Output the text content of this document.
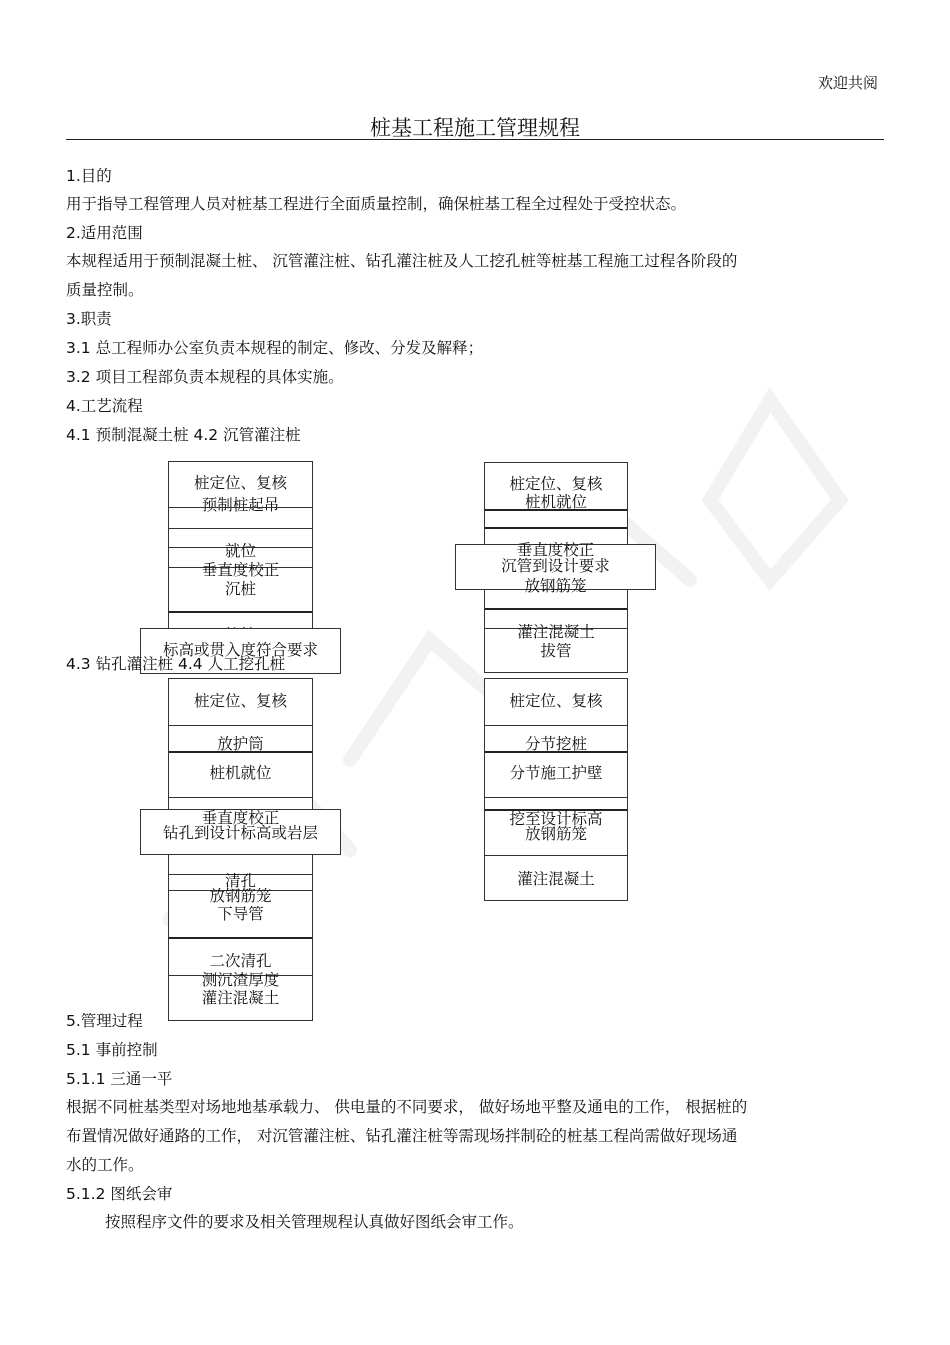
欢迎共阅
桩基工程施工管理规程
1.目的
用于指导工程管理人员对桩基工程进行全面质量控制，确保桩基工程全过程处于受控状态。
2.适用范围
本规程适用于预制混凝土桩、 沉管灌注桩、钻孔灌注桩及人工挖孔桩等桩基工程施工过程各阶段的
质量控制。
3.职责
3.1 总工程师办公室负责本规程的制定、修改、分发及解释；
3.2 项目工程部负责本规程的具体实施。
4.工艺流程
4.1 预制混凝土桩 4.2 沉管灌注桩
桩定位、复核
预制桩起吊
就位
垂直度校正
沉桩
标高或贯入度符合要求
桩定位、复核
桩机就位
灌注混凝土
拔管
垂直度校正
沉管到设计要求
放钢筋笼
4.3 钻孔灌注桩 4.4 人工挖孔桩
桩定位、复核
放护筒
桩机就位
清孔
放钢筋笼
下导管
二次清孔
测沉渣厚度
灌注混凝土
垂直度校正
钻孔到设计标高或岩层
桩定位、复核
分节挖桩
分节施工护壁
挖至设计标高
放钢筋笼
灌注混凝土
5.管理过程
5.1 事前控制
5.1.1 三通一平
根据不同桩基类型对场地地基承载力、 供电量的不同要求， 做好场地平整及通电的工作， 根据桩的
布置情况做好通路的工作， 对沉管灌注桩、钻孔灌注桩等需现场拌制砼的桩基工程尚需做好现场通
水的工作。
5.1.2 图纸会审
按照程序文件的要求及相关管理规程认真做好图纸会审工作。
